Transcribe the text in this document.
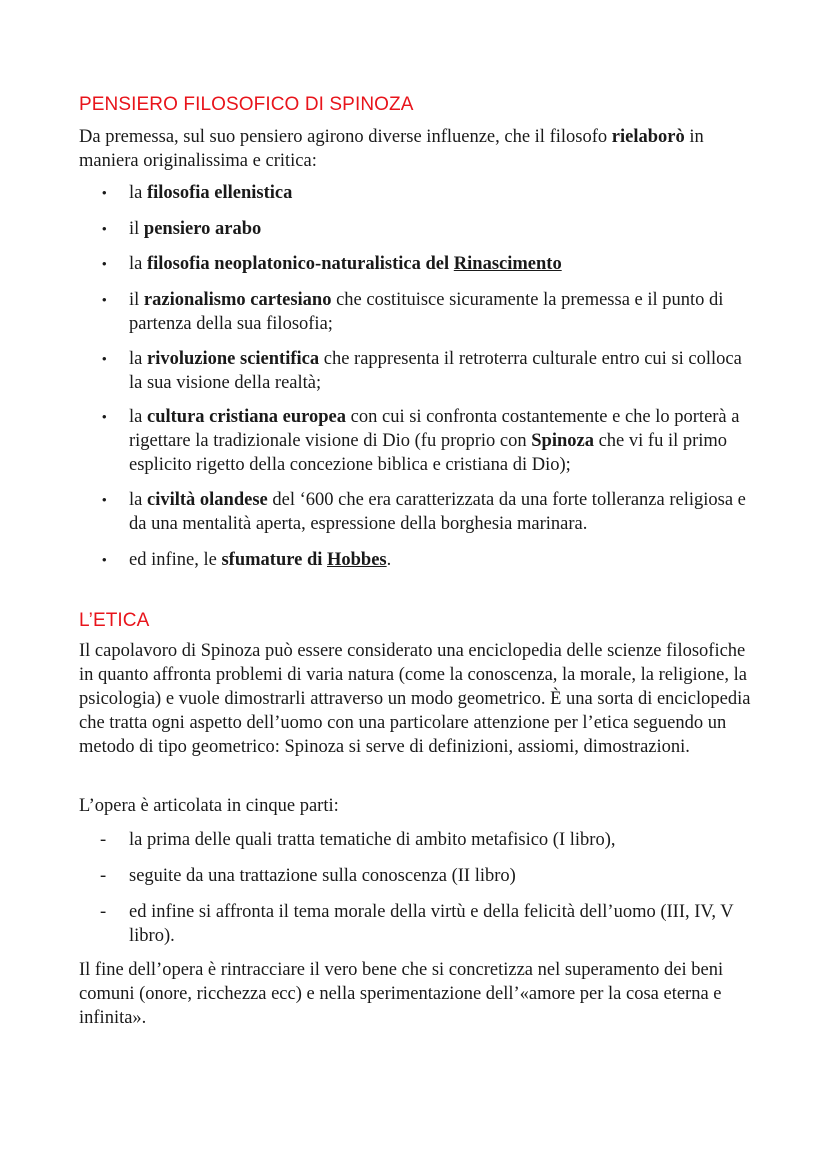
PENSIERO FILOSOFICO DI SPINOZA

Da premessa, sul suo pensiero agirono diverse influenze, che il filosofo rielaborò in maniera originalissima e critica:

• la filosofia ellenistica

• il pensiero arabo

• la filosofia neoplatonico-naturalistica del Rinascimento

• il razionalismo cartesiano che costituisce sicuramente la premessa e il punto di partenza della sua filosofia;

• la rivoluzione scientifica che rappresenta il retroterra culturale entro cui si colloca la sua visione della realtà;

• la cultura cristiana europea con cui si confronta costantemente e che lo porterà a rigettare la tradizionale visione di Dio (fu proprio con Spinoza che vi fu il primo esplicito rigetto della concezione biblica e cristiana di Dio);

• la civiltà olandese del ‘600 che era caratterizzata da una forte tolleranza religiosa e da una mentalità aperta, espressione della borghesia marinara.

• ed infine, le sfumature di Hobbes.

L’ETICA

Il capolavoro di Spinoza può essere considerato una enciclopedia delle scienze filosofiche in quanto affronta problemi di varia natura (come la conoscenza, la morale, la religione, la psicologia) e vuole dimostrarli attraverso un modo geometrico. È una sorta di enciclopedia che tratta ogni aspetto dell’uomo con una particolare attenzione per l’etica seguendo un metodo di tipo geometrico: Spinoza si serve di definizioni, assiomi, dimostrazioni.

L’opera è articolata in cinque parti:

- la prima delle quali tratta tematiche di ambito metafisico (I libro),

- seguite da una trattazione sulla conoscenza (II libro)

- ed infine si affronta il tema morale della virtù e della felicità dell’uomo (III, IV, V libro).

Il fine dell’opera è rintracciare il vero bene che si concretizza nel superamento dei beni comuni (onore, ricchezza ecc) e nella sperimentazione dell’«amore per la cosa eterna e infinita».
